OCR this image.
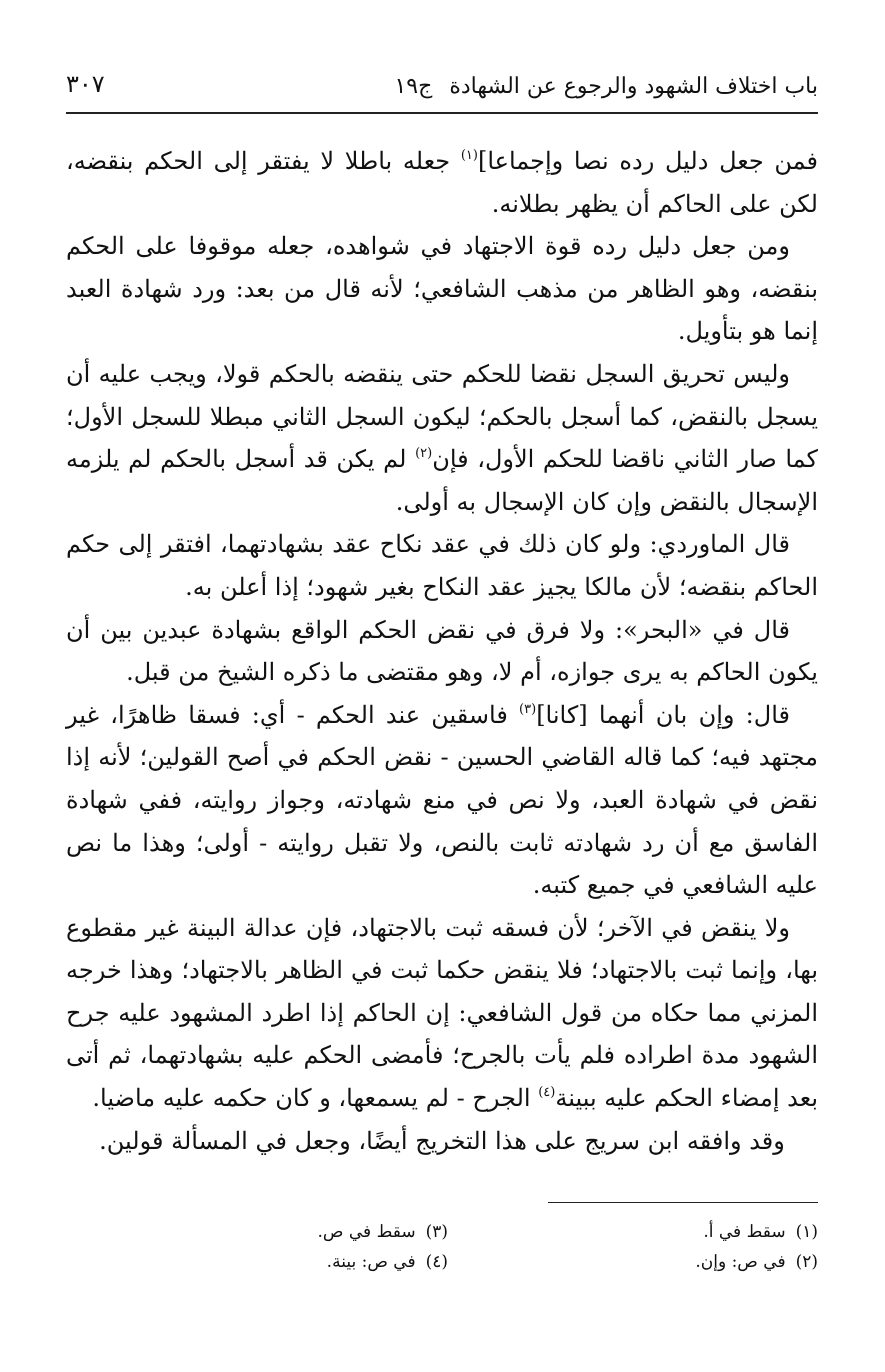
باب اختلاف الشهود والرجوع عن الشهادة ج١٩
٣٠٧

فمن جعل دليل رده نصا وإجماعا]$^{(١)}$ جعله باطلا لا يفتقر إلى الحكم بنقضه، لكن على الحاكم أن يظهر بطلانه.

ومن جعل دليل رده قوة الاجتهاد في شواهده، جعله موقوفا على الحكم بنقضه، وهو الظاهر من مذهب الشافعي؛ لأنه قال من بعد: ورد شهادة العبد إنما هو بتأويل.

وليس تحريق السجل نقضا للحكم حتى ينقضه بالحكم قولا، ويجب عليه أن يسجل بالنقض، كما أسجل بالحكم؛ ليكون السجل الثاني مبطلا للسجل الأول؛ كما صار الثاني ناقضا للحكم الأول، فإن$^{(٢)}$ لم يكن قد أسجل بالحكم لم يلزمه الإسجال بالنقض وإن كان الإسجال به أولى.

قال الماوردي: ولو كان ذلك في عقد نكاح عقد بشهادتهما، افتقر إلى حكم الحاكم بنقضه؛ لأن مالكا يجيز عقد النكاح بغير شهود؛ إذا أعلن به.

قال في «البحر»: ولا فرق في نقض الحكم الواقع بشهادة عبدين بين أن يكون الحاكم به يرى جوازه، أم لا، وهو مقتضى ما ذكره الشيخ من قبل.

قال: وإن بان أنهما [كانا]$^{(٣)}$ فاسقين عند الحكم - أي: فسقا ظاهرًا، غير مجتهد فيه؛ كما قاله القاضي الحسين - نقض الحكم في أصح القولين؛ لأنه إذا نقض في شهادة العبد، ولا نص في منع شهادته، وجواز روايته، ففي شهادة الفاسق مع أن رد شهادته ثابت بالنص، ولا تقبل روايته - أولى؛ وهذا ما نص عليه الشافعي في جميع كتبه.

ولا ينقض في الآخر؛ لأن فسقه ثبت بالاجتهاد، فإن عدالة البينة غير مقطوع بها، وإنما ثبت بالاجتهاد؛ فلا ينقض حكما ثبت في الظاهر بالاجتهاد؛ وهذا خرجه المزني مما حكاه من قول الشافعي: إن الحاكم إذا اطرد المشهود عليه جرح الشهود مدة اطراده فلم يأت بالجرح؛ فأمضى الحكم عليه بشهادتهما، ثم أتى بعد إمضاء الحكم عليه ببينة$^{(٤)}$ الجرح - لم يسمعها، و كان حكمه عليه ماضيا.

وقد وافقه ابن سريج على هذا التخريج أيضًا، وجعل في المسألة قولين.

(١)سقط في أ.
(٣)سقط في ص.
(٢)في ص: وإن.
(٤)في ص: بينة.
